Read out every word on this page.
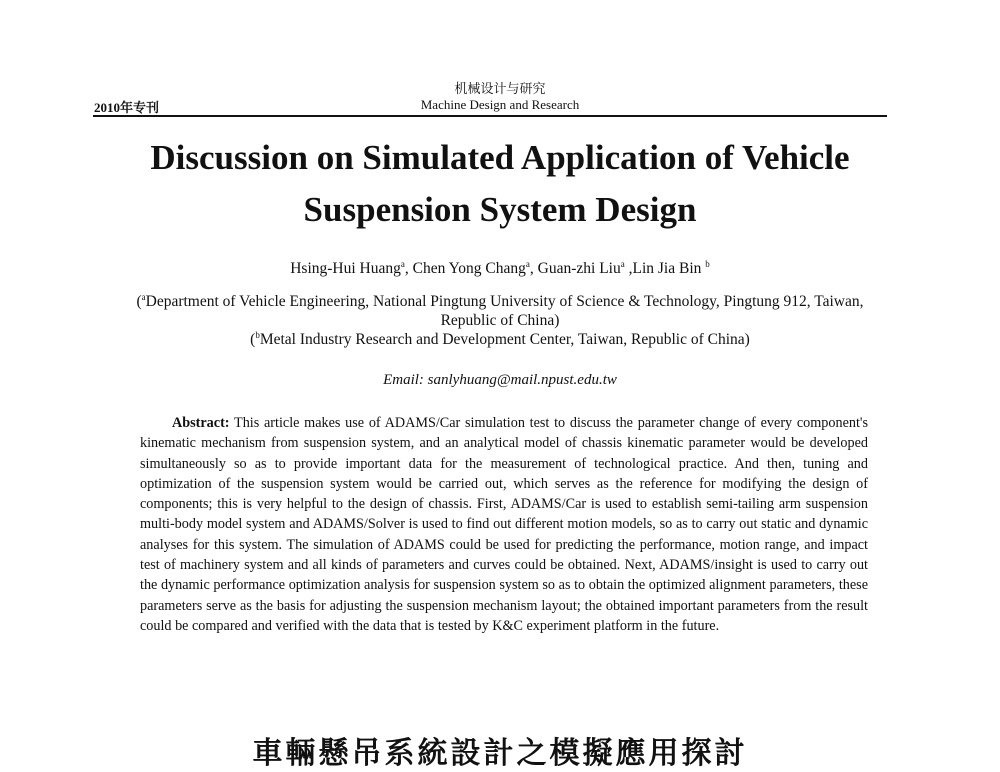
机械设计与研究
Machine Design and Research
2010年专刊
Discussion on Simulated Application of Vehicle
Suspension System Design
Hsing-Hui Huang$^a$, Chen Yong Chang$^a$, Guan-zhi Liu$^a$ ,Lin Jia Bin $^b$
($^a$Department of Vehicle Engineering, National Pingtung University of Science & Technology, Pingtung 912, Taiwan, Republic of China)
($^b$Metal Industry Research and Development Center, Taiwan, Republic of China)
Email: sanlyhuang@mail.npust.edu.tw

Abstract: This article makes use of ADAMS/Car simulation test to discuss the parameter change of every component's kinematic mechanism from suspension system, and an analytical model of chassis kinematic parameter would be developed simultaneously so as to provide important data for the measurement of technological practice. And then, tuning and optimization of the suspension system would be carried out, which serves as the reference for modifying the design of components; this is very helpful to the design of chassis. First, ADAMS/Car is used to establish semi-tailing arm suspension multi-body model system and ADAMS/Solver is used to find out different motion models, so as to carry out static and dynamic analyses for this system. The simulation of ADAMS could be used for predicting the performance, motion range, and impact test of machinery system and all kinds of parameters and curves could be obtained. Next, ADAMS/insight is used to carry out the dynamic performance optimization analysis for suspension system so as to obtain the optimized alignment parameters, these parameters serve as the basis for adjusting the suspension mechanism layout; the obtained important parameters from the result could be compared and verified with the data that is tested by K&C experiment platform in the future.

車輛懸吊系統設計之模擬應用探討
